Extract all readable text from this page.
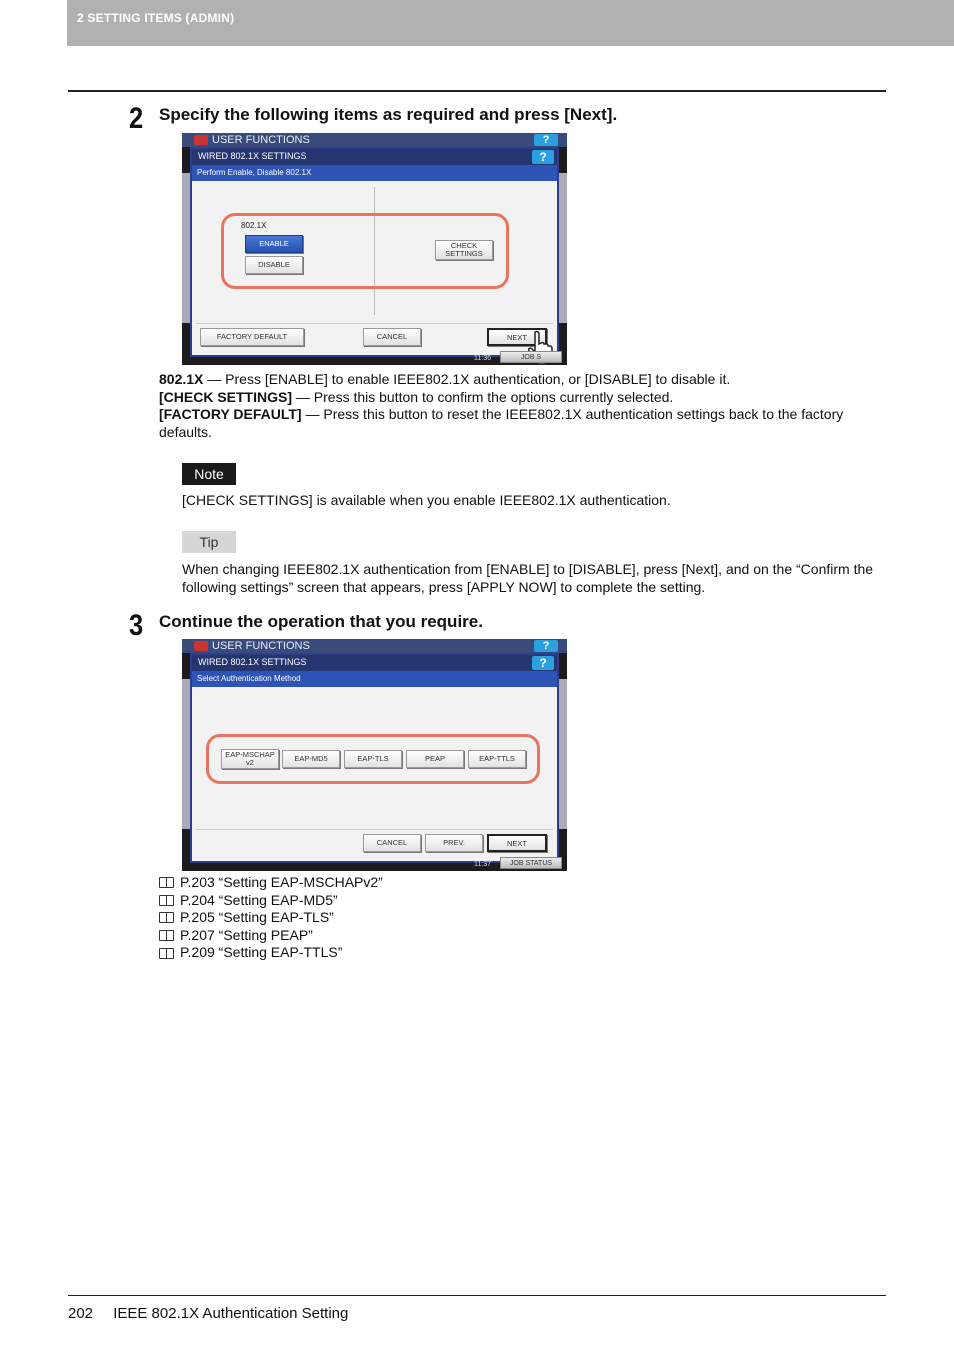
2 SETTING ITEMS (ADMIN)
2 Specify the following items as required and press [Next].
USER FUNCTIONS	?
WIRED 802.1X SETTINGS	?
Perform Enable, Disable 802.1X
802.1X
ENABLE
DISABLE
CHECK
SETTINGS
FACTORY DEFAULT	CANCEL	NEXT
11:36	JOB S
802.1X — Press [ENABLE] to enable IEEE802.1X authentication, or [DISABLE] to disable it.
[CHECK SETTINGS] — Press this button to confirm the options currently selected.
[FACTORY DEFAULT] — Press this button to reset the IEEE802.1X authentication settings back to the factory defaults.
Note
[CHECK SETTINGS] is available when you enable IEEE802.1X authentication.
Tip
When changing IEEE802.1X authentication from [ENABLE] to [DISABLE], press [Next], and on the “Confirm the following settings” screen that appears, press [APPLY NOW] to complete the setting.
3 Continue the operation that you require.
USER FUNCTIONS	?
WIRED 802.1X SETTINGS	?
Select Authentication Method
EAP-MSCHAP
v2	EAP-MD5	EAP-TLS	PEAP	EAP-TTLS
CANCEL	PREV.	NEXT
11:37	JOB STATUS
P.203 “Setting EAP-MSCHAPv2”
P.204 “Setting EAP-MD5”
P.205 “Setting EAP-TLS”
P.207 “Setting PEAP”
P.209 “Setting EAP-TTLS”
202 IEEE 802.1X Authentication Setting
